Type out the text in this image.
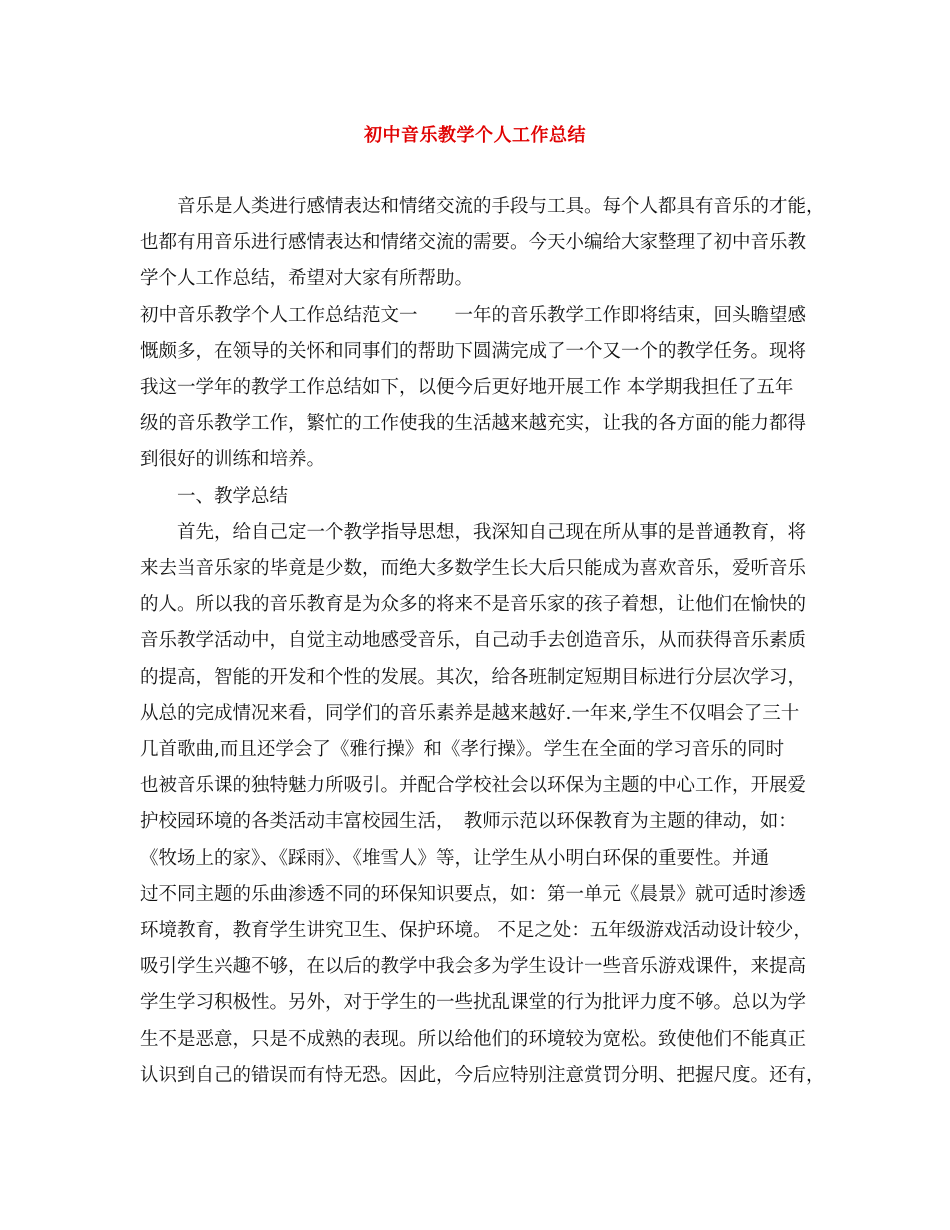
初中音乐教学个人工作总结
　　音乐是人类进行感情表达和情绪交流的手段与工具。每个人都具有音乐的才能，
也都有用音乐进行感情表达和情绪交流的需要。今天小编给大家整理了初中音乐教
学个人工作总结，希望对大家有所帮助。
初中音乐教学个人工作总结范文一　　一年的音乐教学工作即将结束，回头瞻望感
慨颇多，在领导的关怀和同事们的帮助下圆满完成了一个又一个的教学任务。现将
我这一学年的教学工作总结如下，以便今后更好地开展工作 本学期我担任了五年
级的音乐教学工作，繁忙的工作使我的生活越来越充实，让我的各方面的能力都得
到很好的训练和培养。
　　一、教学总结
　　首先，给自己定一个教学指导思想，我深知自己现在所从事的是普通教育，将
来去当音乐家的毕竟是少数，而绝大多数学生长大后只能成为喜欢音乐，爱听音乐
的人。所以我的音乐教育是为众多的将来不是音乐家的孩子着想，让他们在愉快的
音乐教学活动中，自觉主动地感受音乐，自己动手去创造音乐，从而获得音乐素质
的提高，智能的开发和个性的发展。其次，给各班制定短期目标进行分层次学习，
从总的完成情况来看，同学们的音乐素养是越来越好.一年来,学生不仅唱会了三十
几首歌曲,而且还学会了《雅行操》和《孝行操》。学生在全面的学习音乐的同时
也被音乐课的独特魅力所吸引。并配合学校社会以环保为主题的中心工作，开展爱
护校园环境的各类活动丰富校园生活，　教师示范以环保教育为主题的律动，如：
《牧场上的家》、《踩雨》、《堆雪人》等，让学生从小明白环保的重要性。并通
过不同主题的乐曲渗透不同的环保知识要点，如：第一单元《晨景》就可适时渗透
环境教育，教育学生讲究卫生、保护环境。 不足之处：五年级游戏活动设计较少，
吸引学生兴趣不够，在以后的教学中我会多为学生设计一些音乐游戏课件，来提高
学生学习积极性。另外，对于学生的一些扰乱课堂的行为批评力度不够。总以为学
生不是恶意，只是不成熟的表现。所以给他们的环境较为宽松。致使他们不能真正
认识到自己的错误而有恃无恐。因此，今后应特别注意赏罚分明、把握尺度。还有，
